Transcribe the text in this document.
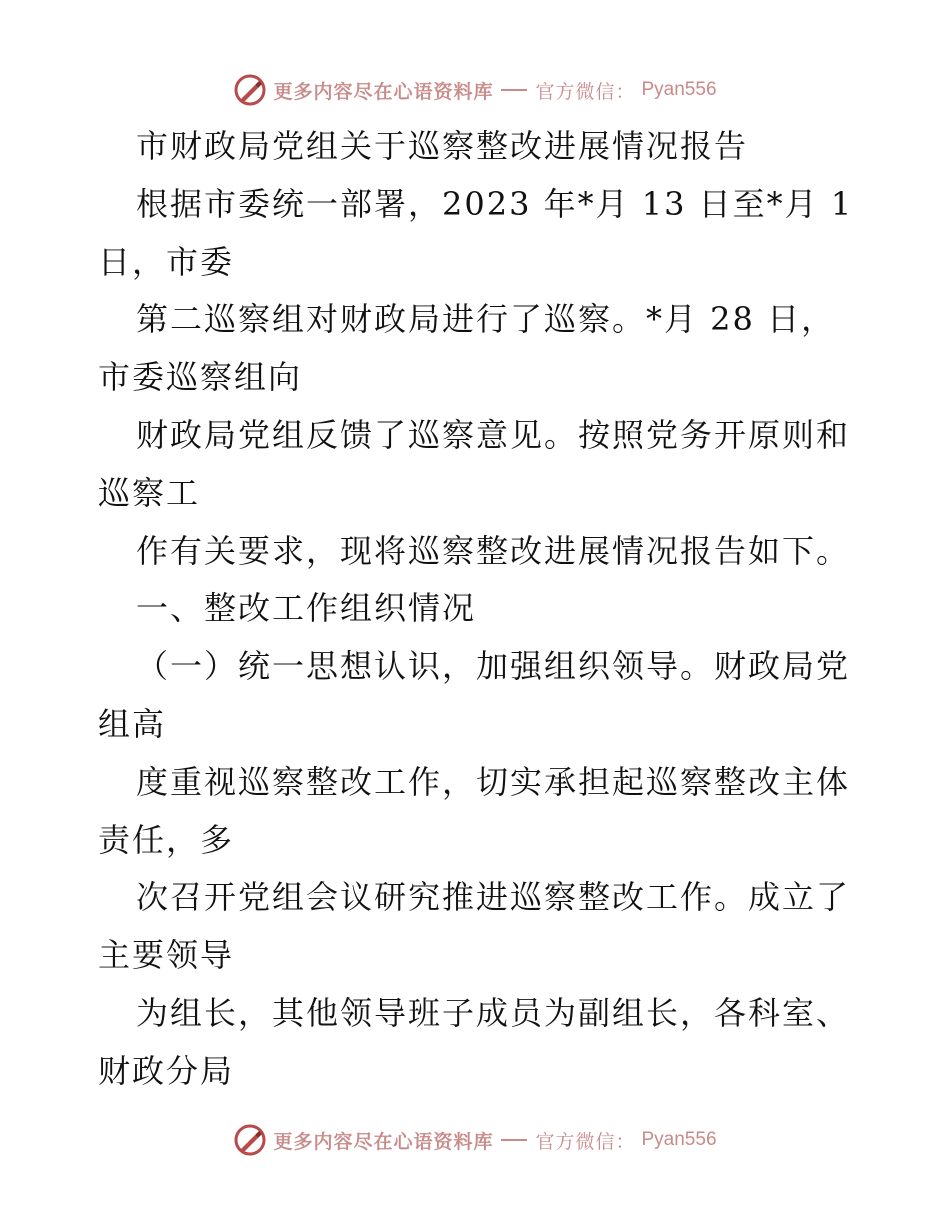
更多内容尽在心语资料库 官方微信： Pyan556
市财政局党组关于巡察整改进展情况报告
根据市委统一部署，2023 年*月 13 日至*月 1
日，市委
第二巡察组对财政局进行了巡察。*月 28 日，
市委巡察组向
财政局党组反馈了巡察意见。按照党务开原则和
巡察工
作有关要求，现将巡察整改进展情况报告如下。
一、整改工作组织情况
（一）统一思想认识，加强组织领导。财政局党
组高
度重视巡察整改工作，切实承担起巡察整改主体
责任，多
次召开党组会议研究推进巡察整改工作。成立了
主要领导
为组长，其他领导班子成员为副组长，各科室、
财政分局
更多内容尽在心语资料库 官方微信： Pyan556
